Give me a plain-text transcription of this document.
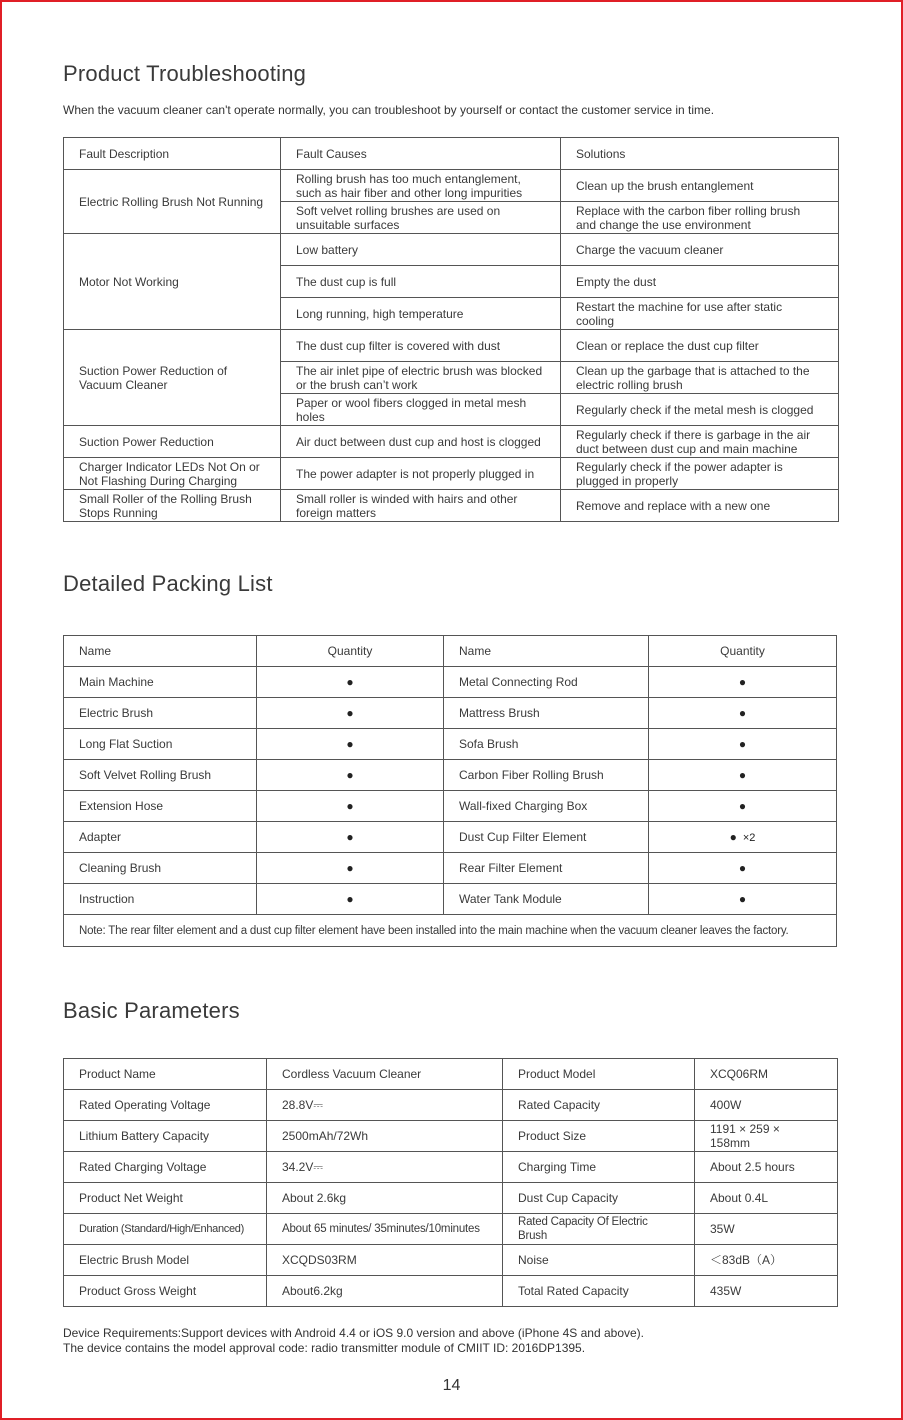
Product Troubleshooting
When the vacuum cleaner can't operate normally, you can troubleshoot by yourself or contact the customer service in time.
Fault Description	Fault Causes	Solutions
Electric Rolling Brush Not Running	Rolling brush has too much entanglement, such as hair fiber and other long impurities	Clean up the brush entanglement
	Soft velvet rolling brushes are used on unsuitable surfaces	Replace with the carbon fiber rolling brush and change the use environment
Motor Not Working	Low battery	Charge the vacuum cleaner
	The dust cup is full	Empty the dust
	Long running, high temperature	Restart the machine for use after static cooling
Suction Power Reduction of Vacuum Cleaner	The dust cup filter is covered with dust	Clean or replace the dust cup filter
	The air inlet pipe of electric brush was blocked or the brush can’t work	Clean up the garbage that is attached to the electric rolling brush
	Paper or wool fibers clogged in metal mesh holes	Regularly check if the metal mesh is clogged
Suction Power Reduction	Air duct between dust cup and host is clogged	Regularly check if there is garbage in the air duct between dust cup and main machine
Charger Indicator LEDs Not On or Not Flashing During Charging	The power adapter is not properly plugged in	Regularly check if the power adapter is plugged in properly
Small Roller of the Rolling Brush Stops Running	Small roller is winded with hairs and other foreign matters	Remove and replace with a new one
Detailed Packing List
Name	Quantity	Name	Quantity
Main Machine	●	Metal Connecting Rod	●
Electric Brush	●	Mattress Brush	●
Long Flat Suction	●	Sofa Brush	●
Soft Velvet Rolling Brush	●	Carbon Fiber Rolling Brush	●
Extension Hose	●	Wall-fixed Charging Box	●
Adapter	●	Dust Cup Filter Element	● ×2
Cleaning Brush	●	Rear Filter Element	●
Instruction	●	Water Tank Module	●
Note: The rear filter element and a dust cup filter element have been installed into the main machine when the vacuum cleaner leaves the factory.			
Basic Parameters
Product Name	Cordless Vacuum Cleaner	Product Model	XCQ06RM
Rated Operating Voltage	28.8V⎓	Rated Capacity	400W
Lithium Battery Capacity	2500mAh/72Wh	Product Size	1191 × 259 × 158mm
Rated Charging Voltage	34.2V⎓	Charging Time	About 2.5 hours
Product Net Weight	About 2.6kg	Dust Cup Capacity	About 0.4L
Duration (Standard/High/Enhanced)	About 65 minutes/ 35minutes/10minutes	Rated Capacity Of Electric Brush	35W
Electric Brush Model	XCQDS03RM	Noise	＜83dB（A）
Product Gross Weight	About6.2kg	Total Rated Capacity	435W
Device Requirements:Support devices with Android 4.4 or iOS 9.0 version and above (iPhone 4S and above).
The device contains the model approval code: radio transmitter module of CMIIT ID: 2016DP1395.
14
